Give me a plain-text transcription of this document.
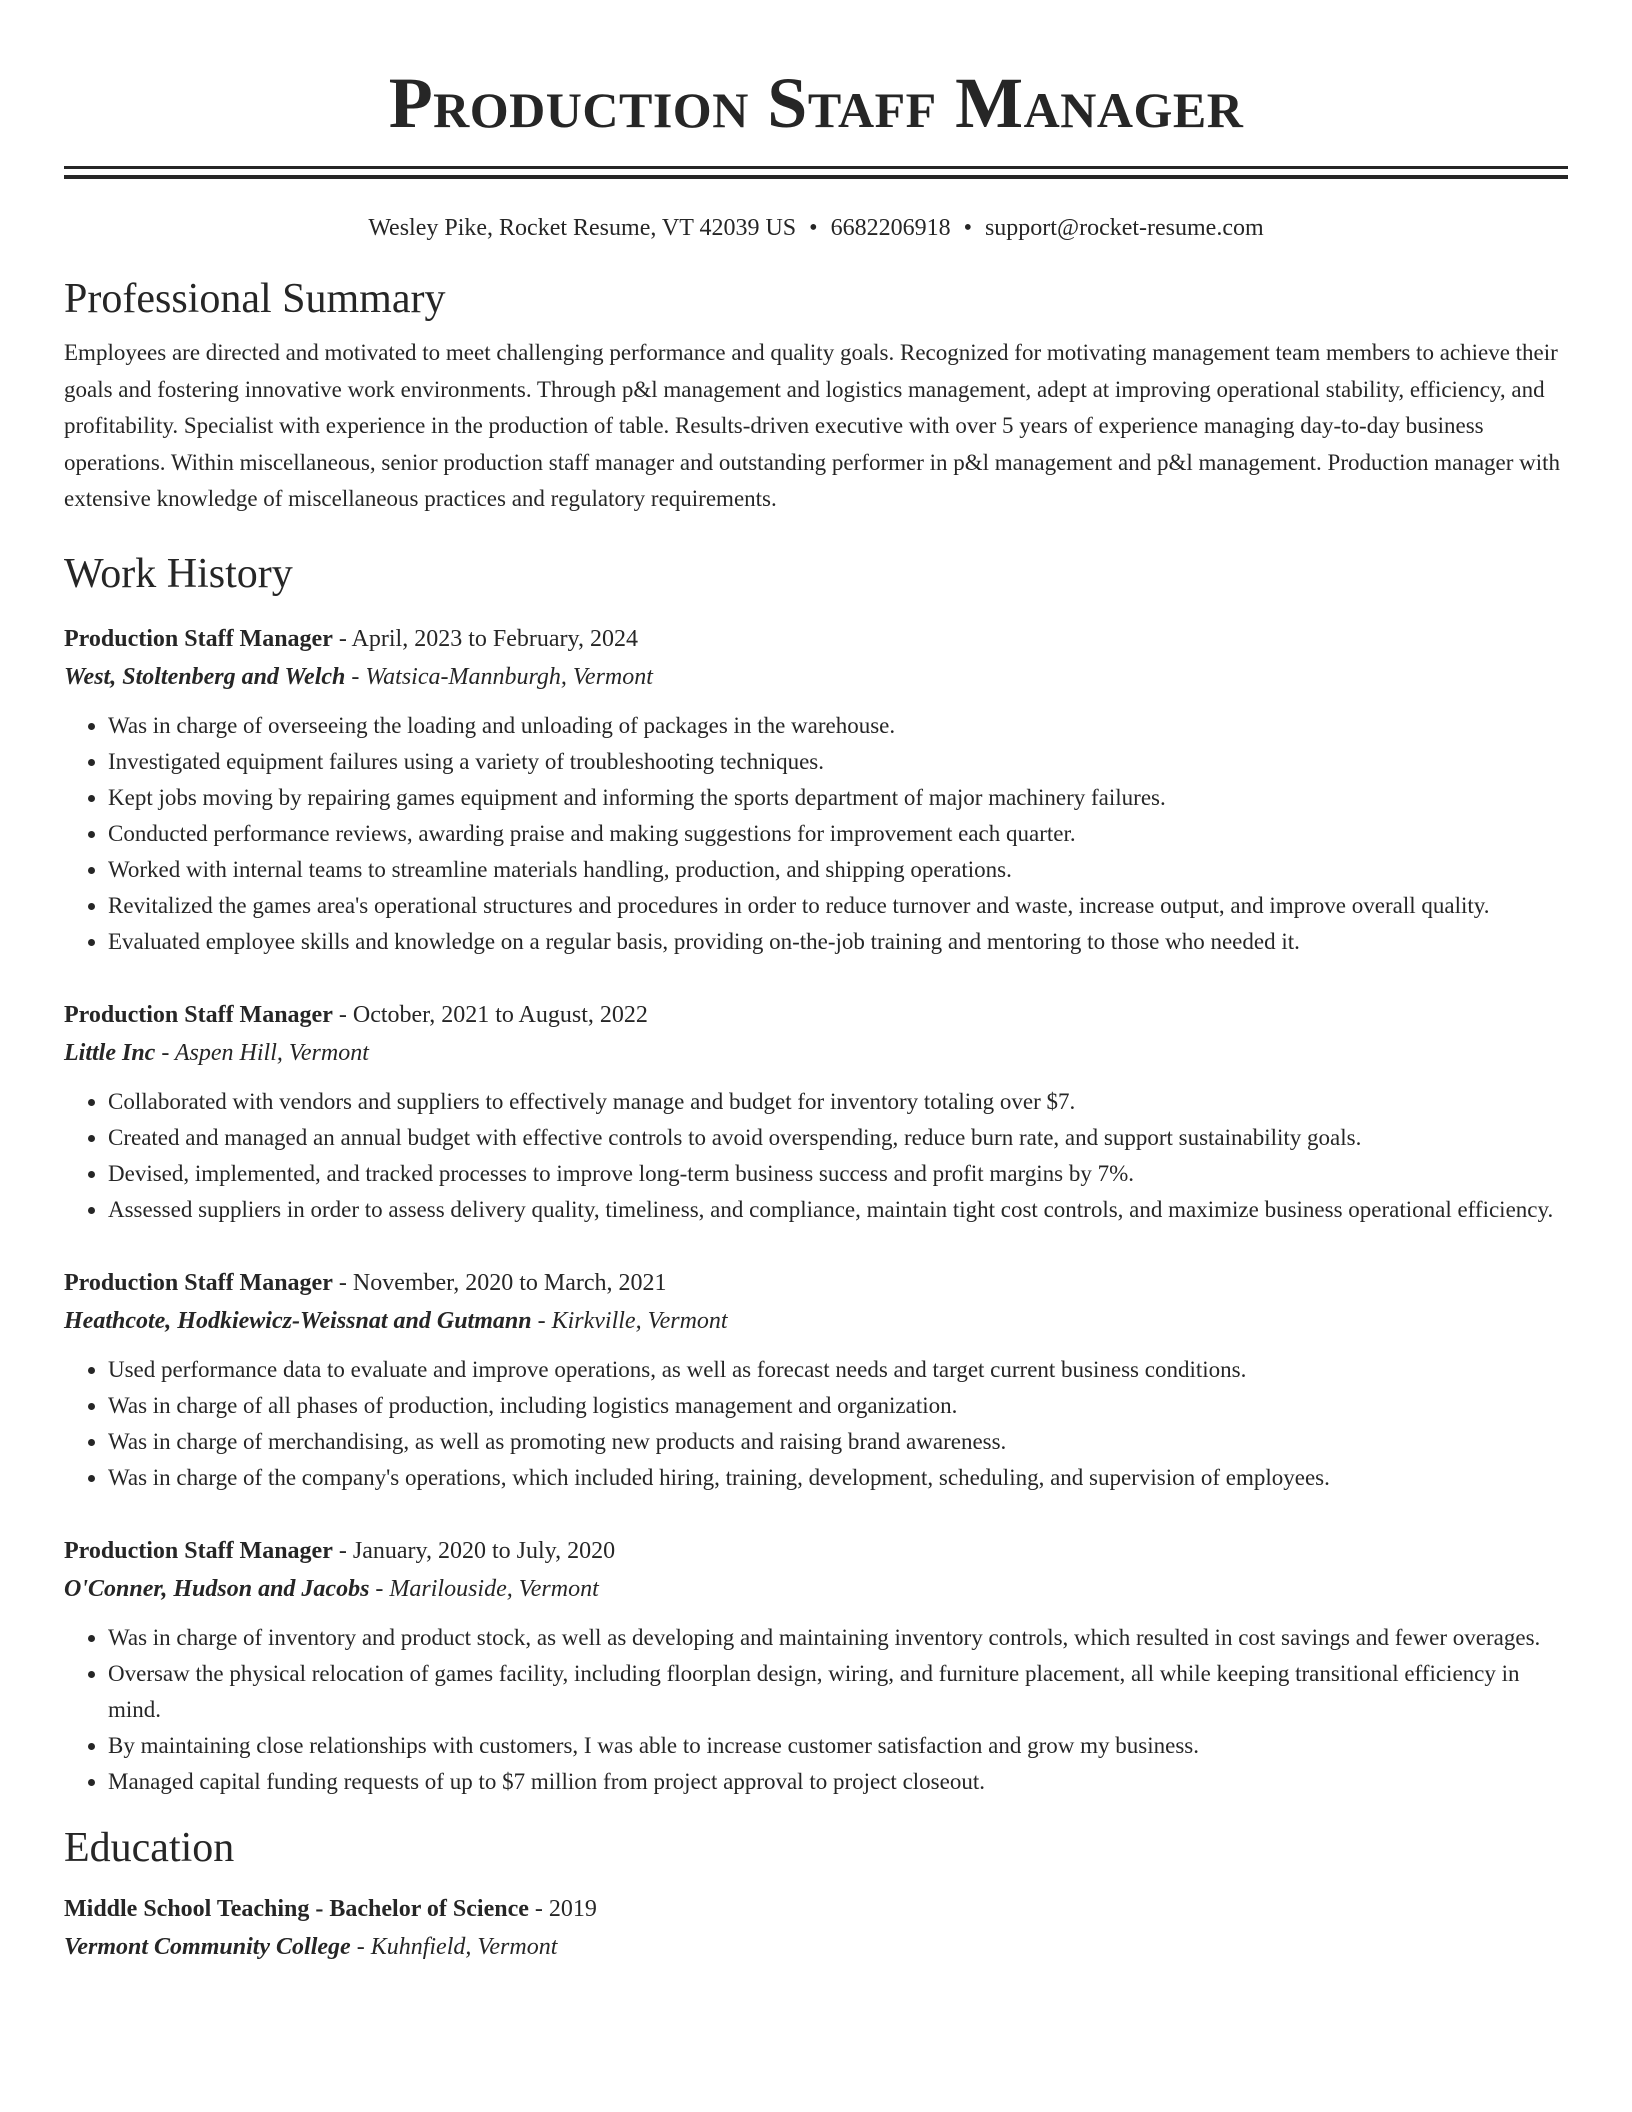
Production Staff Manager
Wesley Pike, Rocket Resume, VT 42039 US • 6682206918 • support@rocket-resume.com
Professional Summary

Employees are directed and motivated to meet challenging performance and quality goals. Recognized for motivating management team members to achieve their goals and fostering innovative work environments. Through p&l management and logistics management, adept at improving operational stability, efficiency, and profitability. Specialist with experience in the production of table. Results-driven executive with over 5 years of experience managing day-to-day business operations. Within miscellaneous, senior production staff manager and outstanding performer in p&l management and p&l management. Production manager with extensive knowledge of miscellaneous practices and regulatory requirements.

Work History
Production Staff Manager - April, 2023 to February, 2024
West, Stoltenberg and Welch - Watsica-Mannburgh, Vermont
• Was in charge of overseeing the loading and unloading of packages in the warehouse.
• Investigated equipment failures using a variety of troubleshooting techniques.
• Kept jobs moving by repairing games equipment and informing the sports department of major machinery failures.
• Conducted performance reviews, awarding praise and making suggestions for improvement each quarter.
• Worked with internal teams to streamline materials handling, production, and shipping operations.
• Revitalized the games area's operational structures and procedures in order to reduce turnover and waste, increase output, and improve overall quality.
• Evaluated employee skills and knowledge on a regular basis, providing on-the-job training and mentoring to those who needed it.
Production Staff Manager - October, 2021 to August, 2022
Little Inc - Aspen Hill, Vermont
• Collaborated with vendors and suppliers to effectively manage and budget for inventory totaling over $7.
• Created and managed an annual budget with effective controls to avoid overspending, reduce burn rate, and support sustainability goals.
• Devised, implemented, and tracked processes to improve long-term business success and profit margins by 7%.
• Assessed suppliers in order to assess delivery quality, timeliness, and compliance, maintain tight cost controls, and maximize business operational efficiency.
Production Staff Manager - November, 2020 to March, 2021
Heathcote, Hodkiewicz-Weissnat and Gutmann - Kirkville, Vermont
• Used performance data to evaluate and improve operations, as well as forecast needs and target current business conditions.
• Was in charge of all phases of production, including logistics management and organization.
• Was in charge of merchandising, as well as promoting new products and raising brand awareness.
• Was in charge of the company's operations, which included hiring, training, development, scheduling, and supervision of employees.
Production Staff Manager - January, 2020 to July, 2020
O'Conner, Hudson and Jacobs - Marilouside, Vermont
• Was in charge of inventory and product stock, as well as developing and maintaining inventory controls, which resulted in cost savings and fewer overages.
• Oversaw the physical relocation of games facility, including floorplan design, wiring, and furniture placement, all while keeping transitional efficiency in mind.
• By maintaining close relationships with customers, I was able to increase customer satisfaction and grow my business.
• Managed capital funding requests of up to $7 million from project approval to project closeout.
Education
Middle School Teaching - Bachelor of Science - 2019
Vermont Community College - Kuhnfield, Vermont
